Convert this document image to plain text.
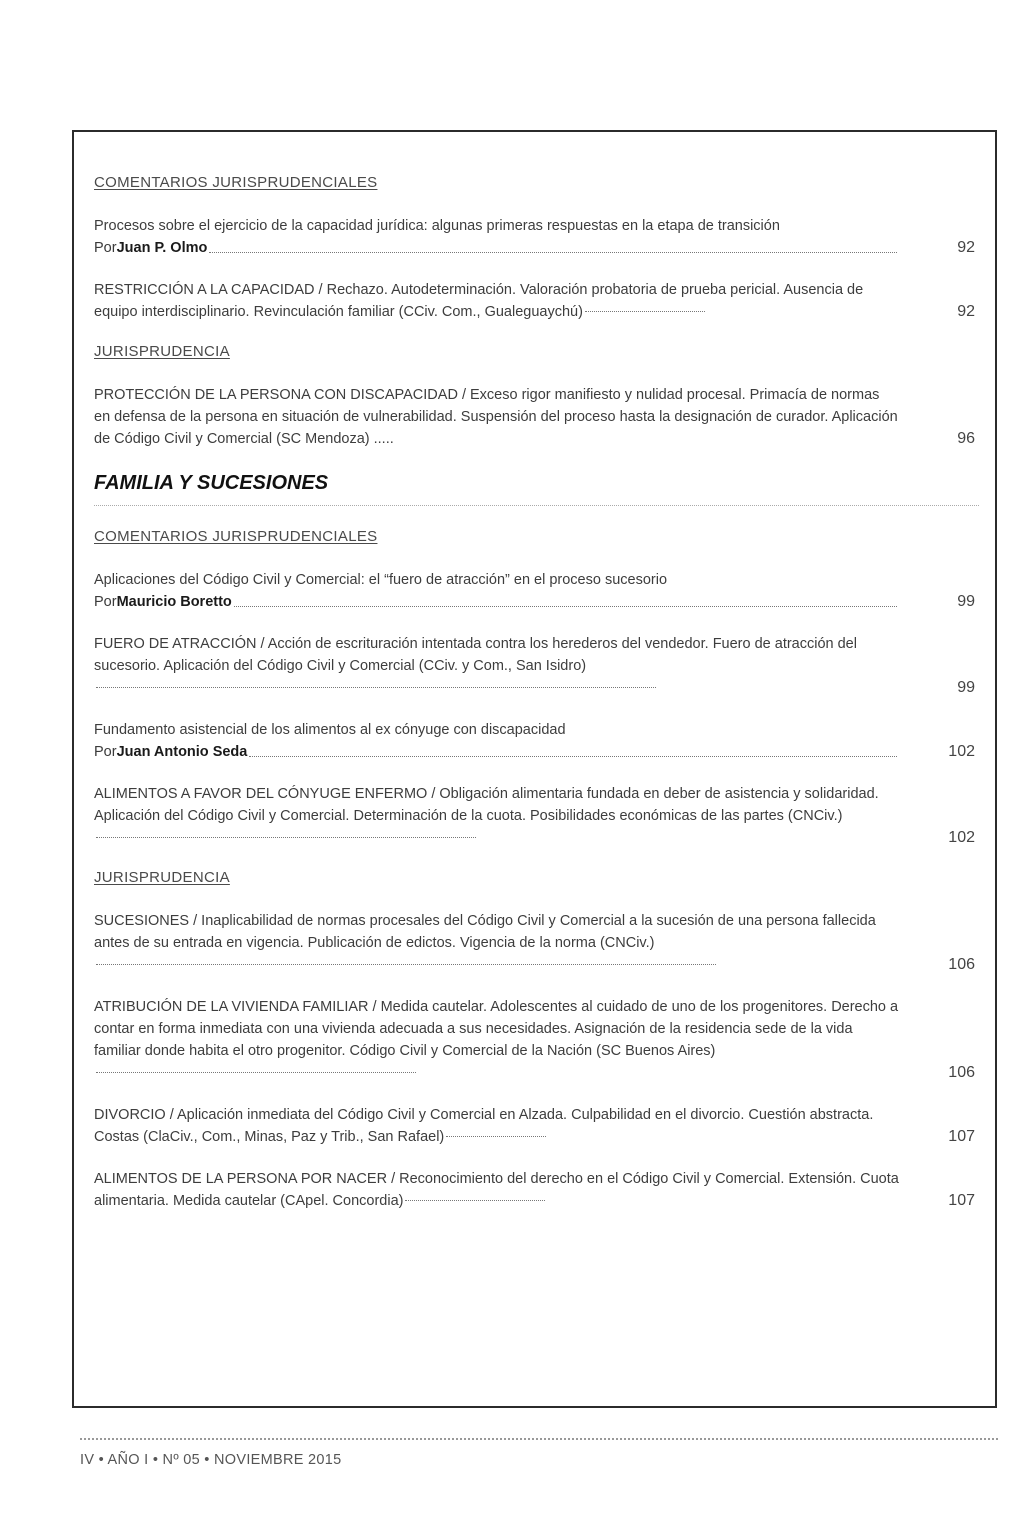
COMENTARIOS JURISPRUDENCIALES
Procesos sobre el ejercicio de la capacidad jurídica: algunas primeras respuestas en la etapa de transición
Por Juan P. Olmo	92
RESTRICCIÓN A LA CAPACIDAD / Rechazo. Autodeterminación. Valoración probatoria de prueba pericial. Ausencia de equipo interdisciplinario. Revinculación familiar (CCiv. Com., Gualeguaychú)	92
JURISPRUDENCIA
PROTECCIÓN DE LA PERSONA CON DISCAPACIDAD / Exceso rigor manifiesto y nulidad procesal. Primacía de normas en defensa de la persona en situación de vulnerabilidad. Suspensión del proceso hasta la designación de curador. Aplicación de Código Civil y Comercial (SC Mendoza) .....	96
FAMILIA Y SUCESIONES
COMENTARIOS JURISPRUDENCIALES
Aplicaciones del Código Civil y Comercial: el “fuero de atracción” en el proceso sucesorio
Por Mauricio Boretto	99
FUERO DE ATRACCIÓN / Acción de escrituración intentada contra los herederos del vendedor. Fuero de atracción del sucesorio. Aplicación del Código Civil y Comercial (CCiv. y Com., San Isidro)
99
Fundamento asistencial de los alimentos al ex cónyuge con discapacidad
Por Juan Antonio Seda	102
ALIMENTOS A FAVOR DEL CÓNYUGE ENFERMO / Obligación alimentaria fundada en deber de asistencia y solidaridad. Aplicación del Código Civil y Comercial. Determinación de la cuota. Posibilidades económicas de las partes (CNCiv.)
102
JURISPRUDENCIA
SUCESIONES / Inaplicabilidad de normas procesales del Código Civil y Comercial a la sucesión de una persona fallecida antes de su entrada en vigencia. Publicación de edictos. Vigencia de la norma (CNCiv.)
106
ATRIBUCIÓN DE LA VIVIENDA FAMILIAR / Medida cautelar. Adolescentes al cuidado de uno de los progenitores. Derecho a contar en forma inmediata con una vivienda adecuada a sus necesidades. Asignación de la residencia sede de la vida familiar donde habita el otro progenitor. Código Civil y Comercial de la Nación (SC Buenos Aires)
106
DIVORCIO / Aplicación inmediata del Código Civil y Comercial en Alzada. Culpabilidad en el divorcio. Cuestión abstracta. Costas (ClaCiv., Com., Minas, Paz y Trib., San Rafael)	107
ALIMENTOS DE LA PERSONA POR NACER / Reconocimiento del derecho en el Código Civil y Comercial. Extensión. Cuota alimentaria. Medida cautelar (CApel. Concordia)	107
IV • AÑO I • Nº 05 • NOVIEMBRE 2015
